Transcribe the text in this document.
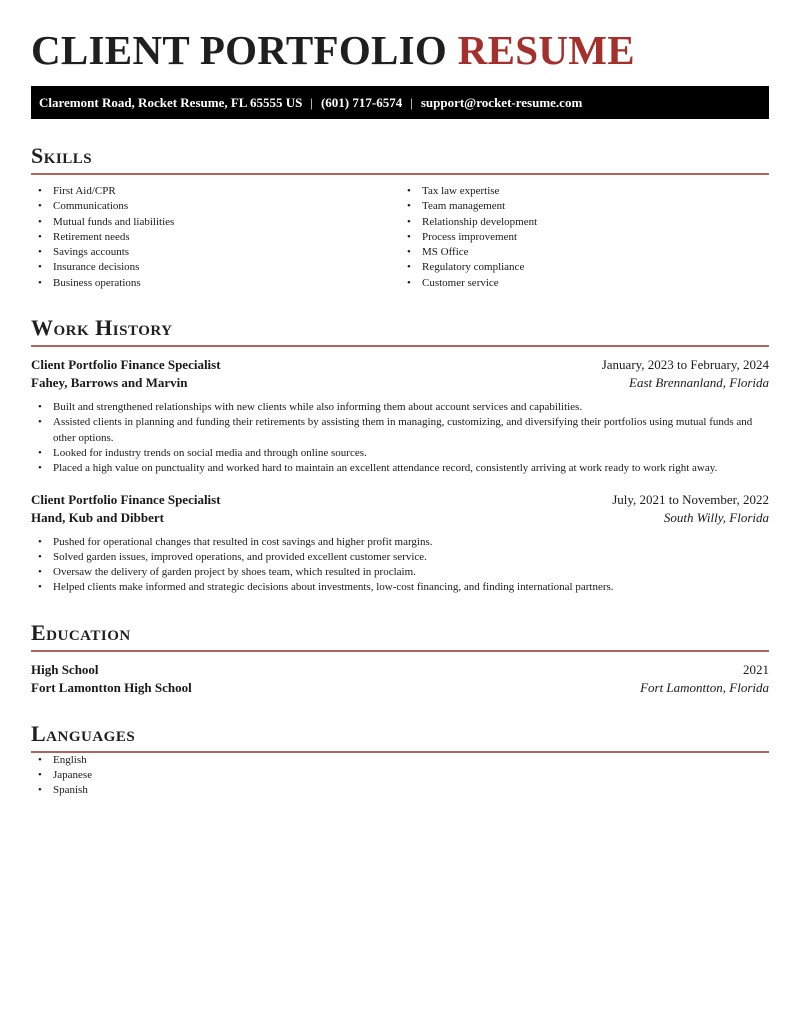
CLIENT PORTFOLIO RESUME
Claremont Road, Rocket Resume, FL 65555 US | (601) 717-6574 | support@rocket-resume.com
Skills
• First Aid/CPR
• Communications
• Mutual funds and liabilities
• Retirement needs
• Savings accounts
• Insurance decisions
• Business operations
• Tax law expertise
• Team management
• Relationship development
• Process improvement
• MS Office
• Regulatory compliance
• Customer service
Work History
Client Portfolio Finance Specialist	January, 2023 to February, 2024
Fahey, Barrows and Marvin	East Brennanland, Florida
• Built and strengthened relationships with new clients while also informing them about account services and capabilities.
• Assisted clients in planning and funding their retirements by assisting them in managing, customizing, and diversifying their portfolios using mutual funds and other options.
• Looked for industry trends on social media and through online sources.
• Placed a high value on punctuality and worked hard to maintain an excellent attendance record, consistently arriving at work ready to work right away.
Client Portfolio Finance Specialist	July, 2021 to November, 2022
Hand, Kub and Dibbert	South Willy, Florida
• Pushed for operational changes that resulted in cost savings and higher profit margins.
• Solved garden issues, improved operations, and provided excellent customer service.
• Oversaw the delivery of garden project by shoes team, which resulted in proclaim.
• Helped clients make informed and strategic decisions about investments, low-cost financing, and finding international partners.
Education
High School	2021
Fort Lamontton High School	Fort Lamontton, Florida
Languages
• English
• Japanese
• Spanish
